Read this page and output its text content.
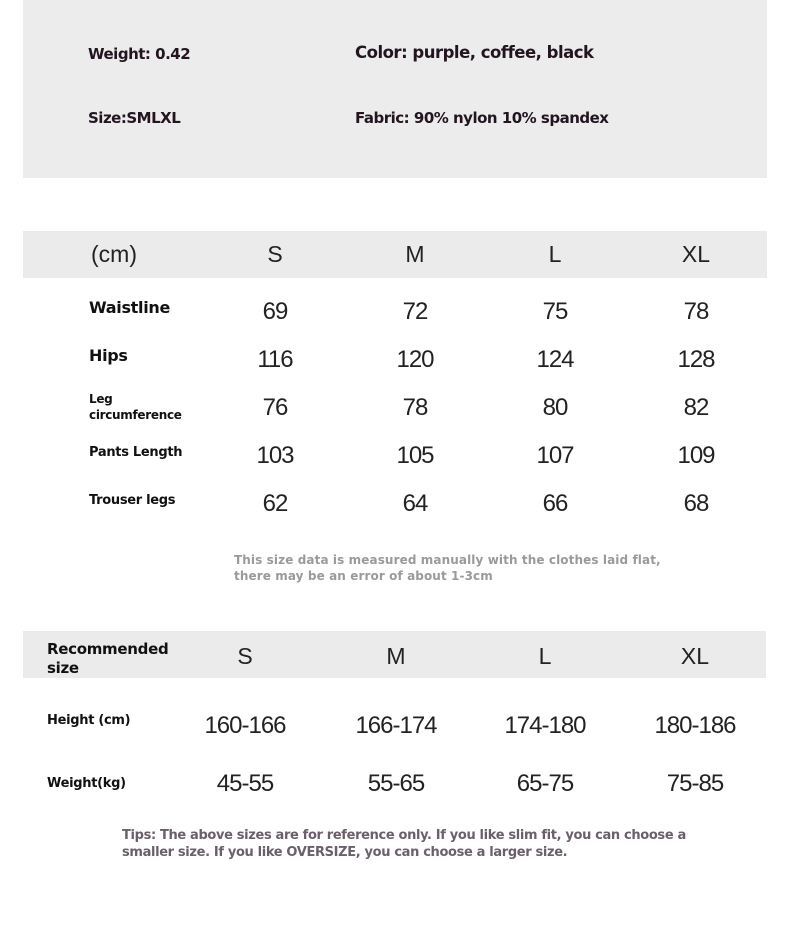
Weight: 0.42	Color: purple, coffee, black
Size:SMLXL	Fabric: 90% nylon 10% spandex
(cm)	S	M	L	XL
Waistline	69	72	75	78
Hips	116	120	124	128
Leg
circumference	76	78	80	82
Pants Length	103	105	107	109
Trouser legs	62	64	66	68
This size data is measured manually with the clothes laid flat,
there may be an error of about 1-3cm
Recommended
size	S	M	L	XL
Height (cm)	160-166	166-174	174-180	180-186
Weight(kg)	45-55	55-65	65-75	75-85
Tips: The above sizes are for reference only. If you like slim fit, you can choose a
smaller size. If you like OVERSIZE, you can choose a larger size.
